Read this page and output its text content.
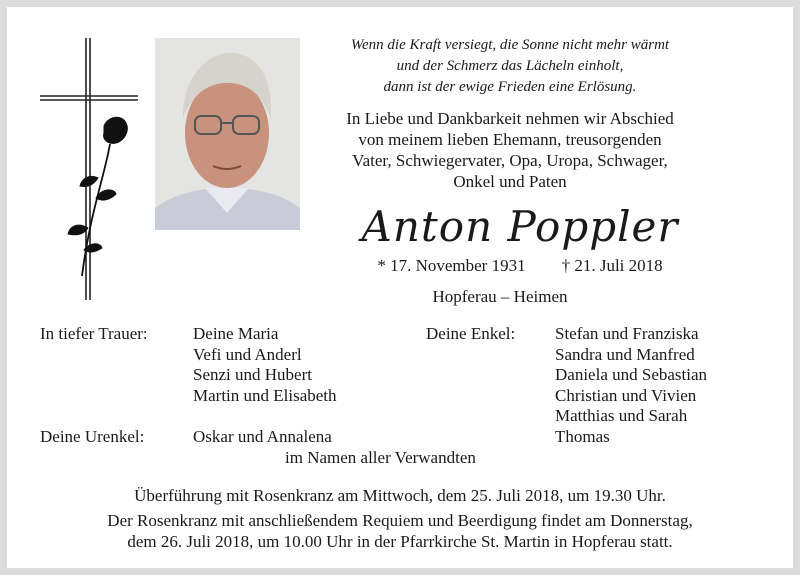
Wenn die Kraft versiegt, die Sonne nicht mehr wärmt
und der Schmerz das Lächeln einholt,
dann ist der ewige Frieden eine Erlösung.
In Liebe und Dankbarkeit nehmen wir Abschied
von meinem lieben Ehemann, treusorgenden
Vater, Schwiegervater, Opa, Uropa, Schwager,
Onkel und Paten
Anton Poppler
* 17. November 1931 † 21. Juli 2018
Hopferau – Heimen
In tiefer Trauer:	Deine Maria
Vefi und Anderl
Senzi und Hubert
Martin und Elisabeth
Deine Enkel: Stefan und Franziska
Sandra und Manfred
Daniela und Sebastian
Christian und Vivien
Matthias und Sarah
Thomas
Deine Urenkel:	Oskar und Annalena
im Namen aller Verwandten
Überführung mit Rosenkranz am Mittwoch, dem 25. Juli 2018, um 19.30 Uhr.
Der Rosenkranz mit anschließendem Requiem und Beerdigung findet am Donnerstag,
dem 26. Juli 2018, um 10.00 Uhr in der Pfarrkirche St. Martin in Hopferau statt.
